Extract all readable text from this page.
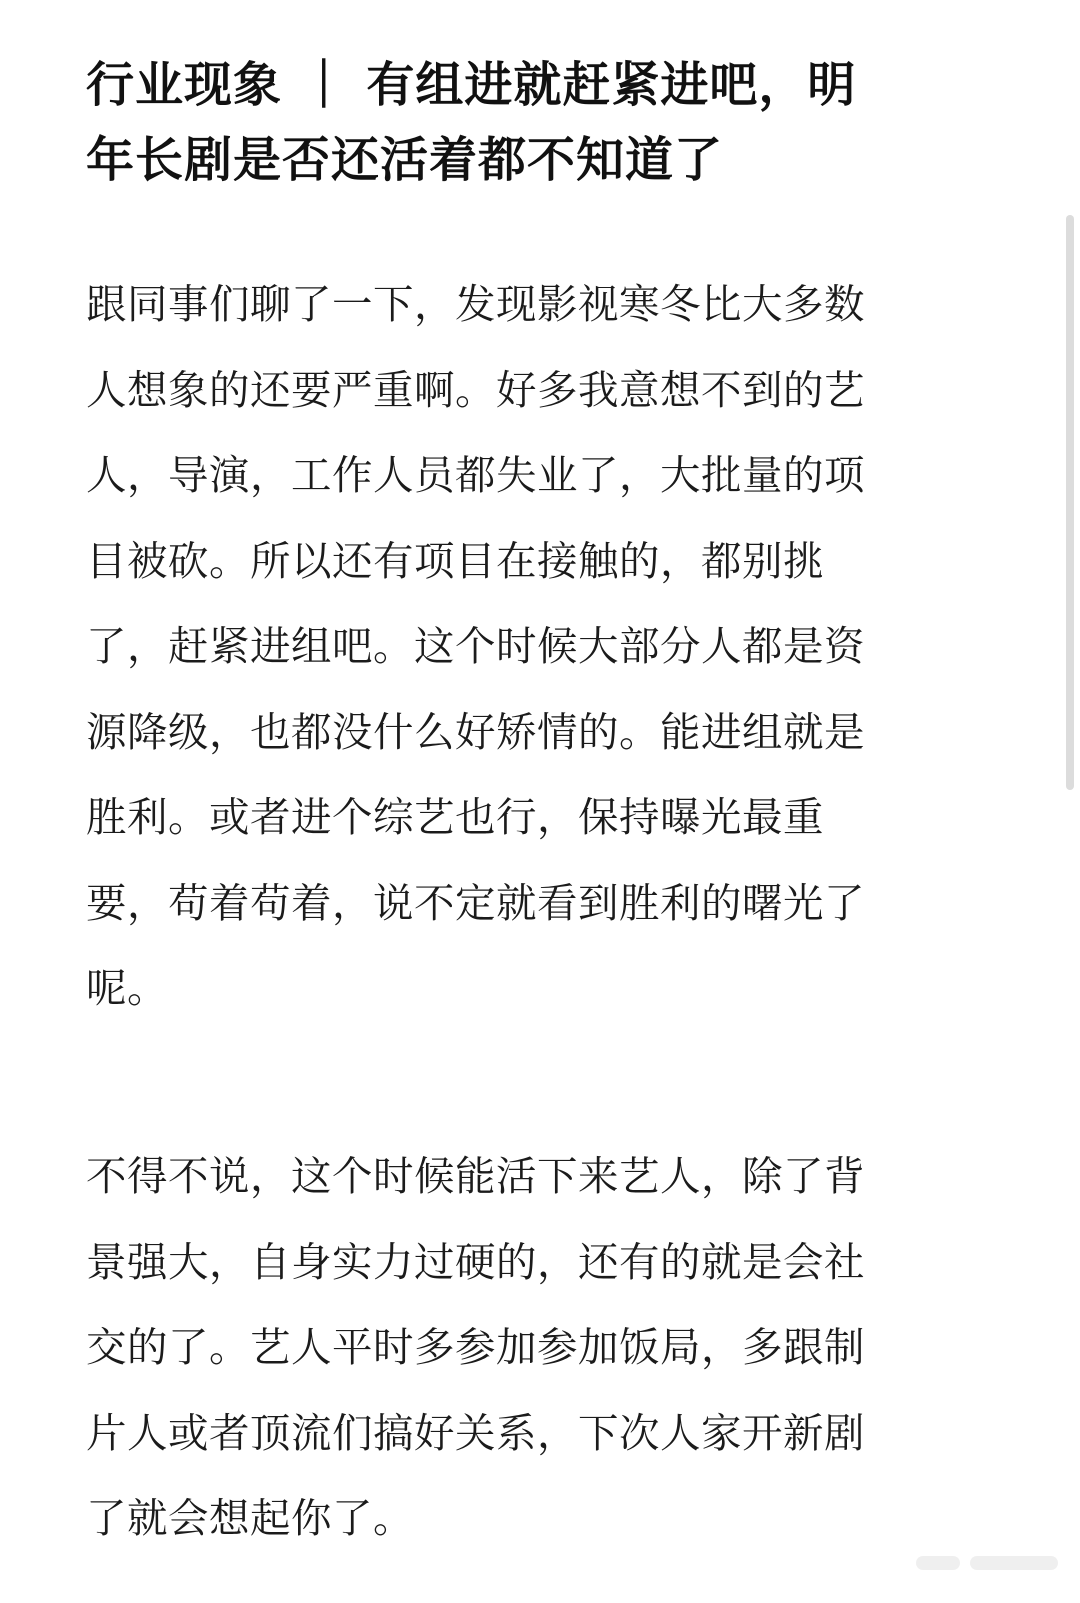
行业现象 ｜ 有组进就赶紧进吧，明
年长剧是否还活着都不知道了

跟同事们聊了一下，发现影视寒冬比大多数
人想象的还要严重啊。好多我意想不到的艺
人，导演，工作人员都失业了，大批量的项
目被砍。所以还有项目在接触的，都别挑
了，赶紧进组吧。这个时候大部分人都是资
源降级，也都没什么好矫情的。能进组就是
胜利。或者进个综艺也行，保持曝光最重
要，苟着苟着，说不定就看到胜利的曙光了
呢。

不得不说，这个时候能活下来艺人，除了背
景强大，自身实力过硬的，还有的就是会社
交的了。艺人平时多参加参加饭局，多跟制
片人或者顶流们搞好关系，下次人家开新剧
了就会想起你了。
